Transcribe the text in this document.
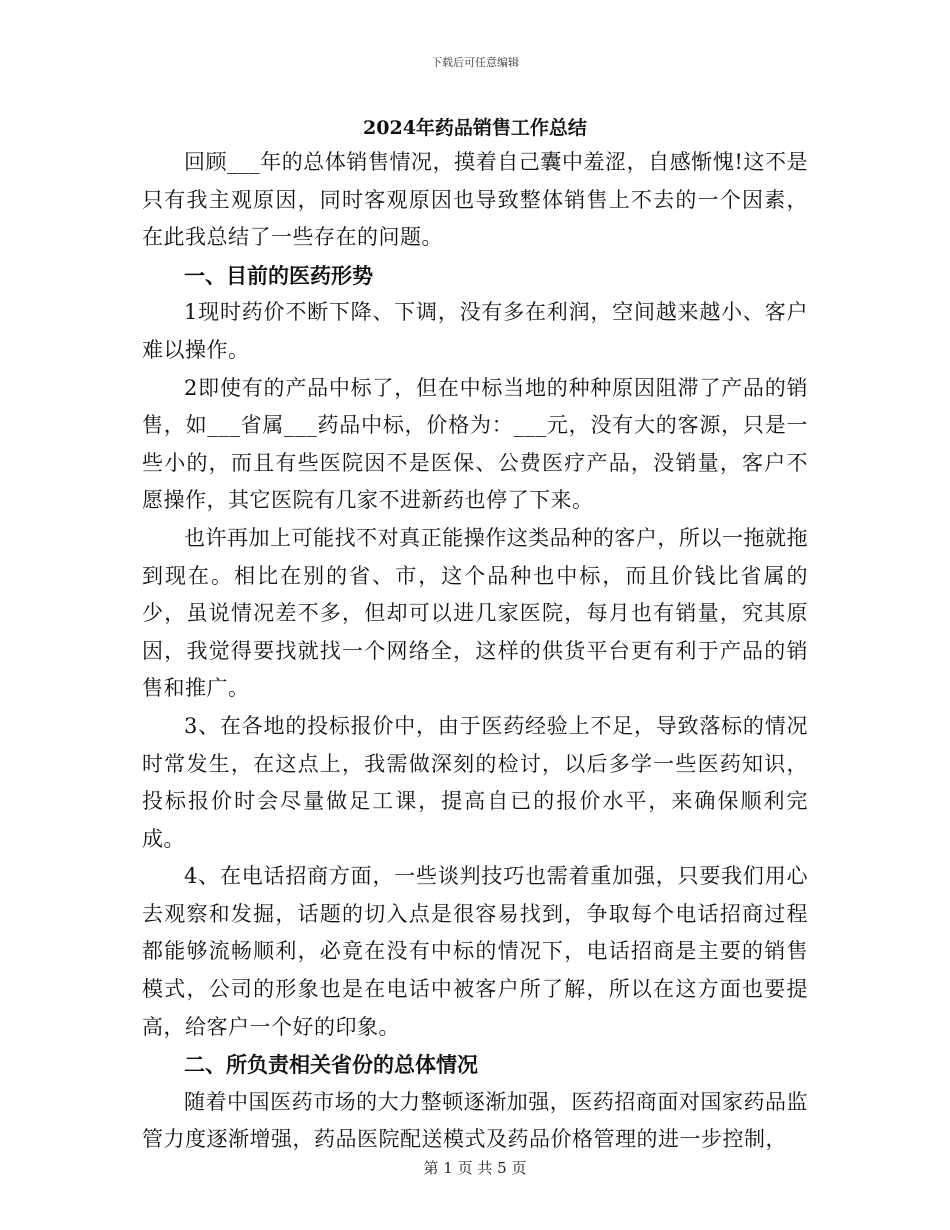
下载后可任意编辑
2024年药品销售工作总结

回顾___年的总体销售情况，摸着自己囊中羞涩，自感惭愧!这不是只有我主观原因，同时客观原因也导致整体销售上不去的一个因素，在此我总结了一些存在的问题。

一、目前的医药形势

1现时药价不断下降、下调，没有多在利润，空间越来越小、客户难以操作。

2即使有的产品中标了，但在中标当地的种种原因阻滞了产品的销售，如___省属___药品中标，价格为：___元，没有大的客源，只是一些小的，而且有些医院因不是医保、公费医疗产品，没销量，客户不愿操作，其它医院有几家不进新药也停了下来。

也许再加上可能找不对真正能操作这类品种的客户，所以一拖就拖到现在。相比在别的省、市，这个品种也中标，而且价钱比省属的少，虽说情况差不多，但却可以进几家医院，每月也有销量，究其原因，我觉得要找就找一个网络全，这样的供货平台更有利于产品的销售和推广。

3、在各地的投标报价中，由于医药经验上不足，导致落标的情况时常发生，在这点上，我需做深刻的检讨，以后多学一些医药知识，投标报价时会尽量做足工课，提高自已的报价水平，来确保顺利完成。

4、在电话招商方面，一些谈判技巧也需着重加强，只要我们用心去观察和发掘，话题的切入点是很容易找到，争取每个电话招商过程都能够流畅顺利，必竟在没有中标的情况下，电话招商是主要的销售模式，公司的形象也是在电话中被客户所了解，所以在这方面也要提高，给客户一个好的印象。

二、所负责相关省份的总体情况

随着中国医药市场的大力整顿逐渐加强，医药招商面对国家药品监管力度逐渐增强，药品医院配送模式及药品价格管理的进一步控制，

第 1 页 共 5 页
